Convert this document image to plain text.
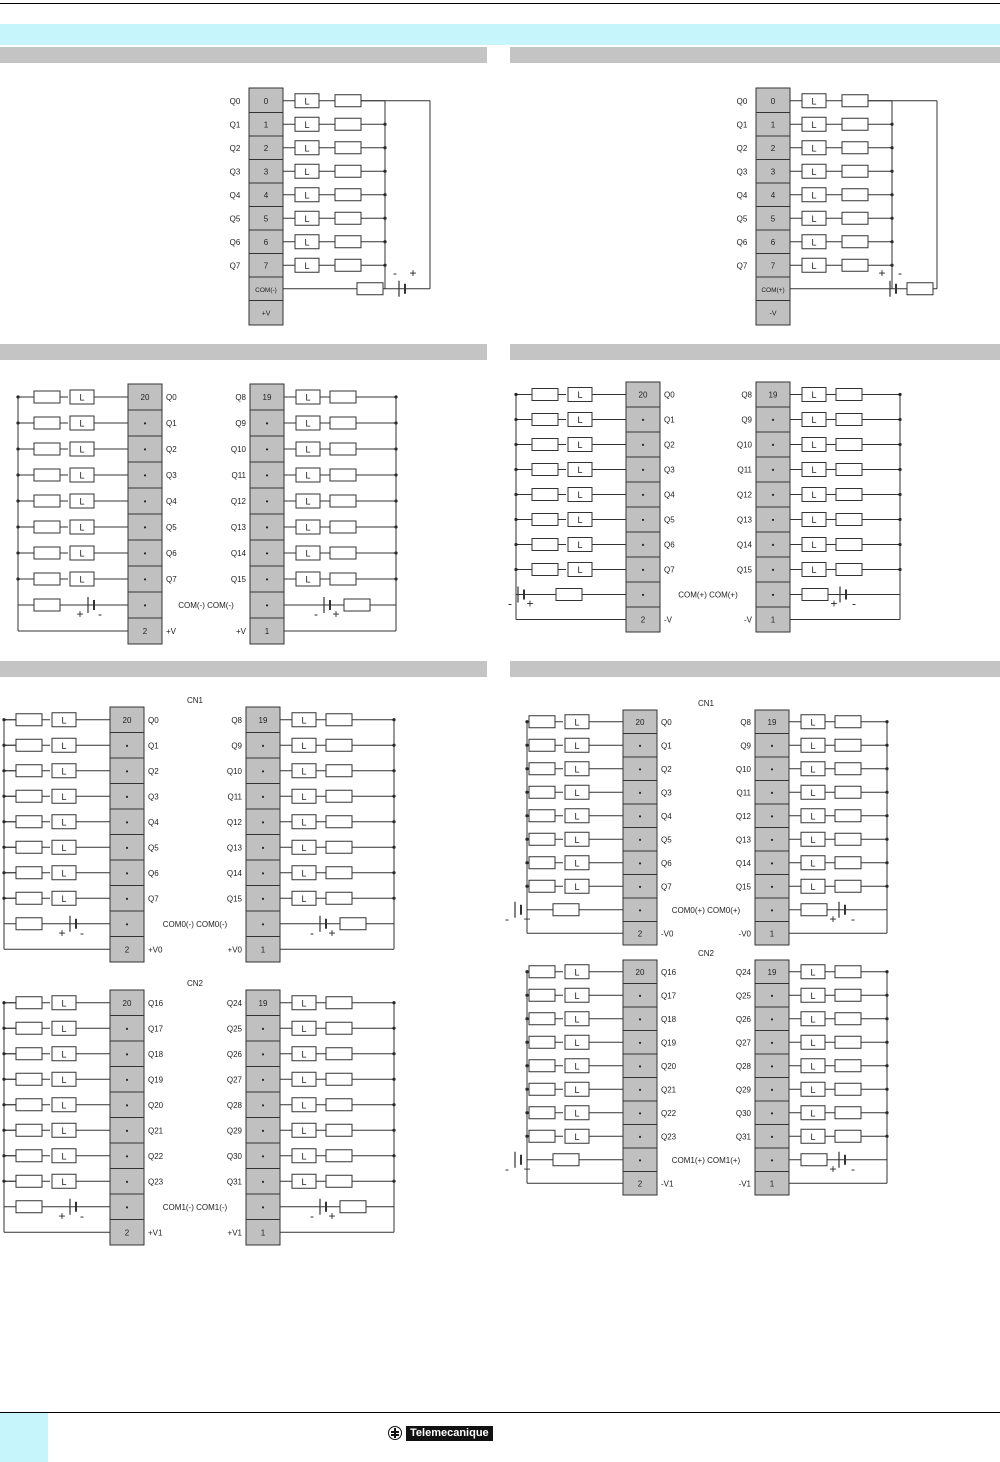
0
Q0	L
1
Q1	L
2
Q2	L
3
Q3	L
4
Q4	L
5
Q5	L
6
Q6	L
7
Q7	L
COM(-)
+V
- +
0
Q0	L
1
Q1	L
2
Q2	L
3
Q3	L
4
Q4	L
5
Q5	L
6
Q6	L
7
Q7	L
COM(+)
-V
+ -
20	19
Q0	Q8
L	L
•	•
Q1	Q9
L	L
•	•
Q2	Q10
L	L
•	•
Q3	Q11
L	L
•	•
Q4	Q12
L	L
•	•
Q5	Q13
L	L
•	•
Q6	Q14
L	L
•	•
Q7	Q15
L	L
•	•
COM(-) COM(-)
+ -	- +
2	1
+V	+V
20	19
Q0	Q8
L	L
•	•
Q1	Q9
L	L
•	•
Q2	Q10
L	L
•	•
Q3	Q11
L	L
•	•
Q4	Q12
L	L
•	•
Q5	Q13
L	L
•	•
Q6	Q14
L	L
•	•
Q7	Q15
L	L
•	•
COM(+) COM(+)
- +	+ -
2	1
-V	-V
CN1
20	19
Q0	Q8
L	L
•	•
Q1	Q9
L	L
•	•
Q2	Q10
L	L
•	•
Q3	Q11
L	L
•	•
Q4	Q12
L	L
•	•
Q5	Q13
L	L
•	•
Q6	Q14
L	L
•	•
Q7	Q15
L	L
•	•
COM0(-) COM0(-)
+ -	- +
2	1
+V0	+V0
CN2
20	19
Q16	Q24
L	L
•	•
Q17	Q25
L	L
•	•
Q18	Q26
L	L
•	•
Q19	Q27
L	L
•	•
Q20	Q28
L	L
•	•
Q21	Q29
L	L
•	•
Q22	Q30
L	L
•	•
Q23	Q31
L	L
•	•
COM1(-) COM1(-)
+ -	- +
2	1
+V1	+V1
CN1
20	19
Q0	Q8
L	L
•	•
Q1	Q9
L	L
•	•
Q2	Q10
L	L
•	•
Q3	Q11
L	L
•	•
Q4	Q12
L	L
•	•
Q5	Q13
L	L
•	•
Q6	Q14
L	L
•	•
Q7	Q15
L	L
•	•
COM0(+) COM0(+)
- +	+ -
2	1
-V0	-V0
CN2
20	19
Q16	Q24
L	L
•	•
Q17	Q25
L	L
•	•
Q18	Q26
L	L
•	•
Q19	Q27
L	L
•	•
Q20	Q28
L	L
•	•
Q21	Q29
L	L
•	•
Q22	Q30
L	L
•	•
Q23	Q31
L	L
•	•
COM1(+) COM1(+)
- +	+ -
2	1
-V1	-V1
Telemecanique
